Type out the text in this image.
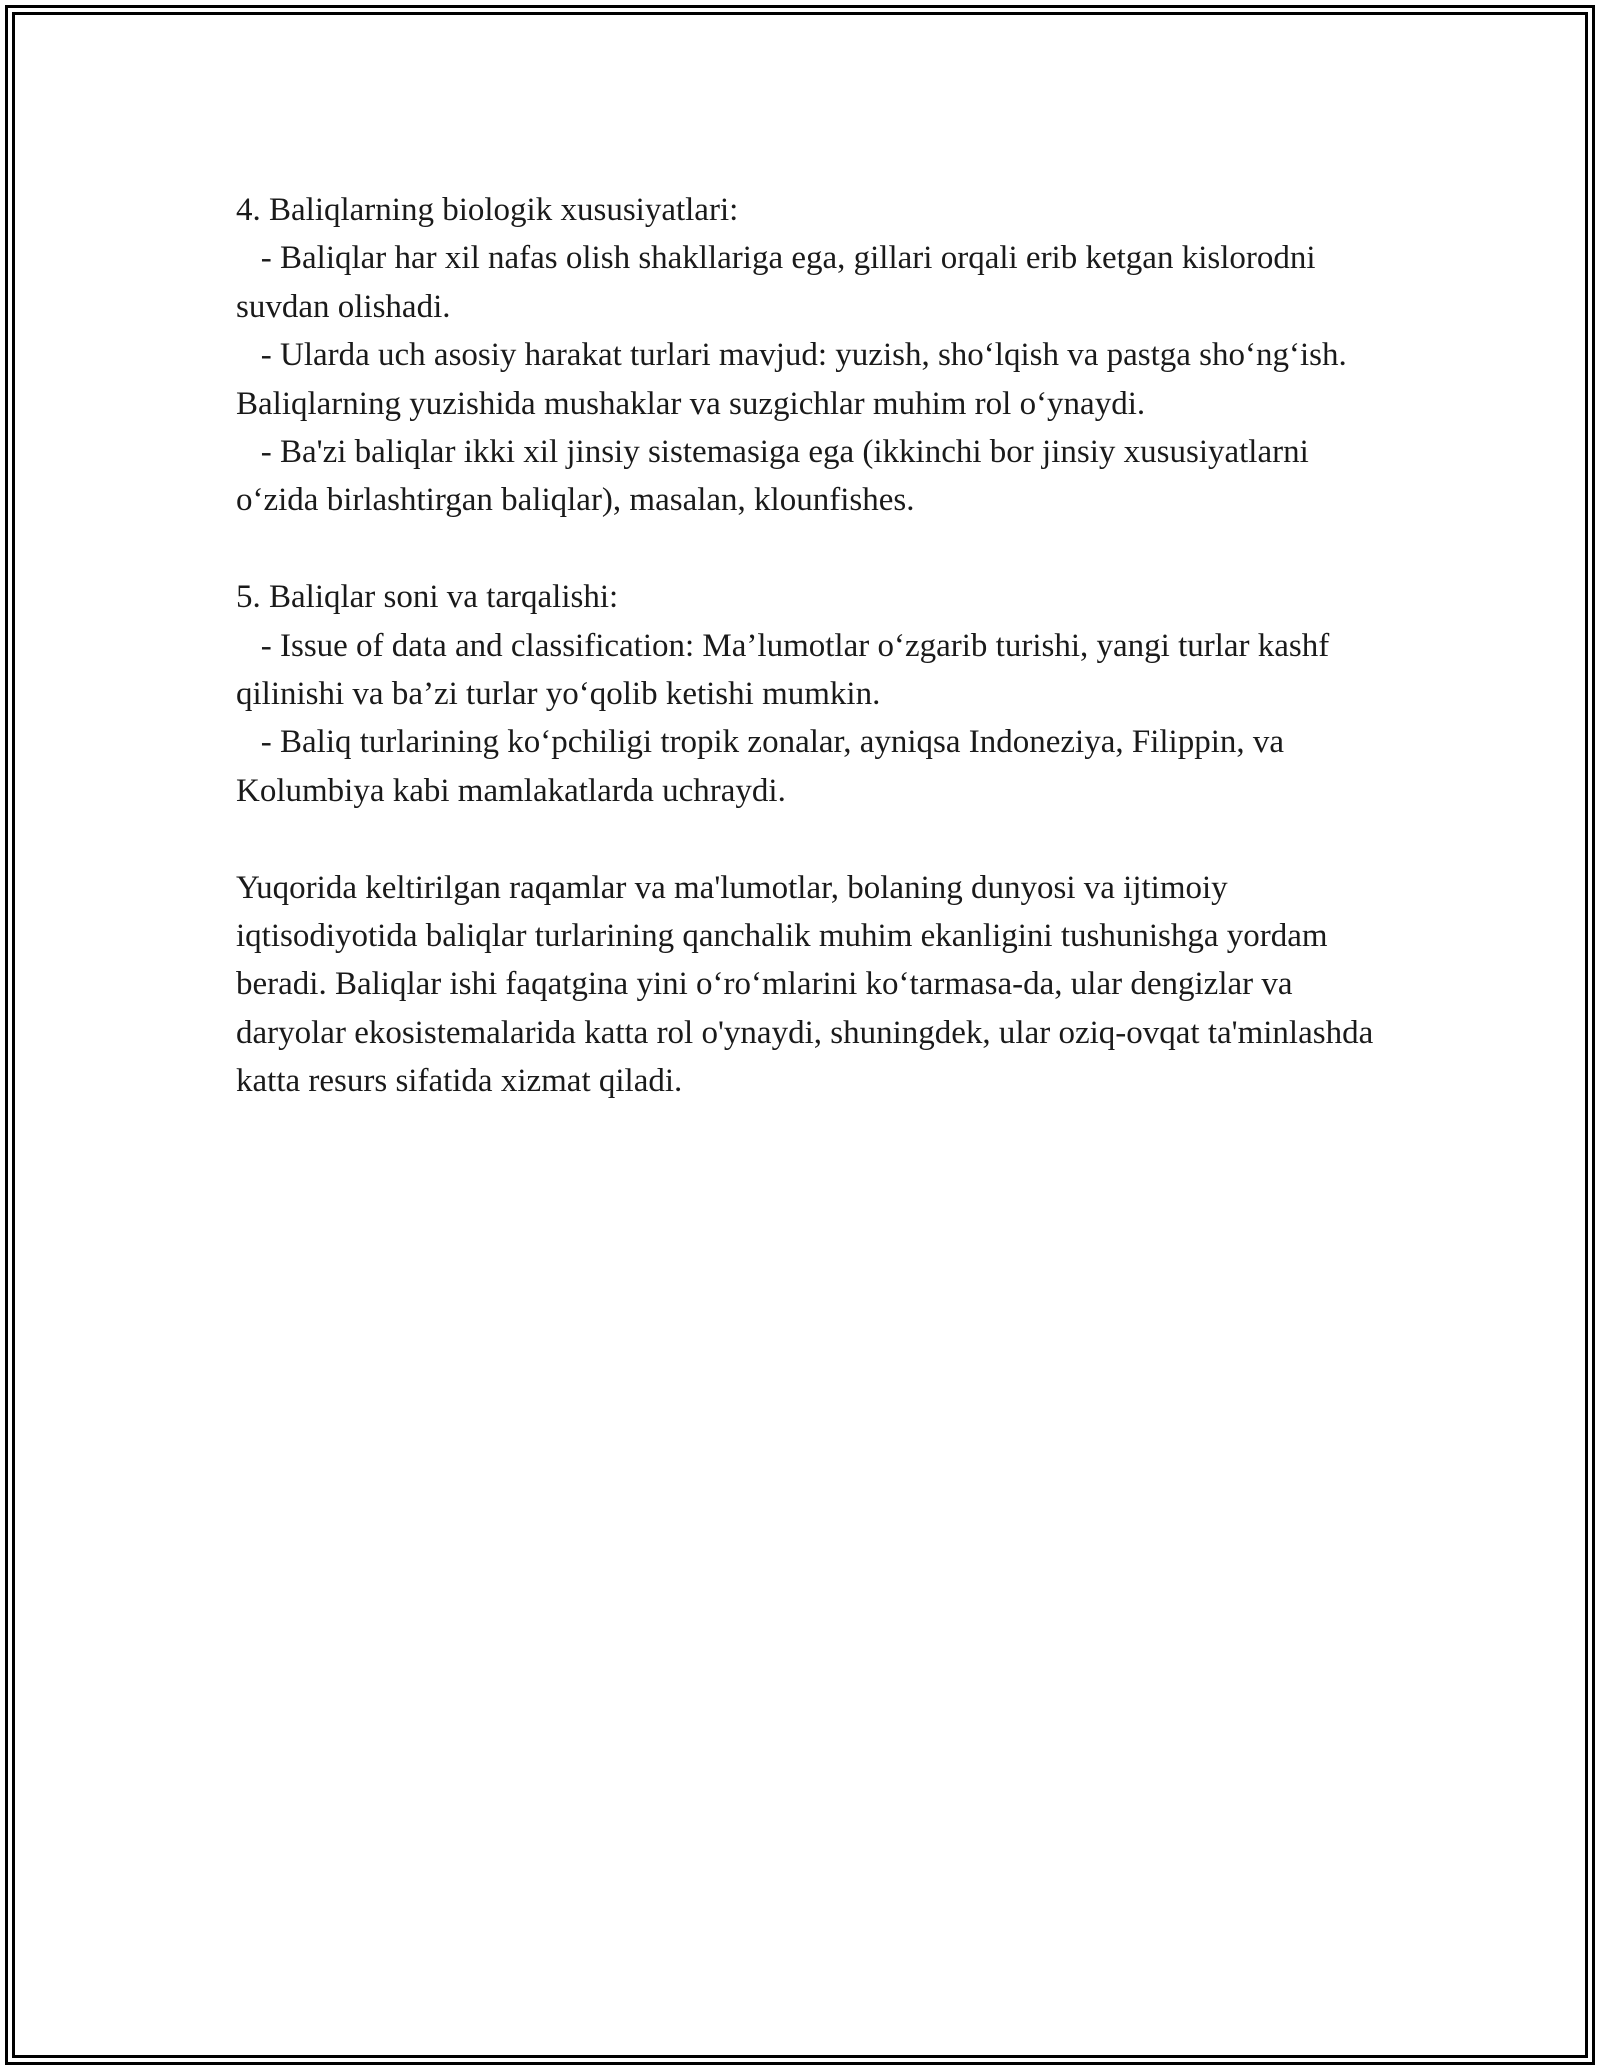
4. Baliqlarning biologik xususiyatlari:

- Baliqlar har xil nafas olish shakllariga ega, gillari orqali erib ketgan kislorodni suvdan olishadi.

- Ularda uch asosiy harakat turlari mavjud: yuzish, sho‘lqish va pastga sho‘ng‘ish. Baliqlarning yuzishida mushaklar va suzgichlar muhim rol o‘ynaydi.

- Ba'zi baliqlar ikki xil jinsiy sistemasiga ega (ikkinchi bor jinsiy xususiyatlarni o‘zida birlashtirgan baliqlar), masalan, klounfishes.

5. Baliqlar soni va tarqalishi:

- Issue of data and classification: Ma’lumotlar o‘zgarib turishi, yangi turlar kashf qilinishi va ba’zi turlar yo‘qolib ketishi mumkin.

- Baliq turlarining ko‘pchiligi tropik zonalar, ayniqsa Indoneziya, Filippin, va Kolumbiya kabi mamlakatlarda uchraydi.

Yuqorida keltirilgan raqamlar va ma'lumotlar, bolaning dunyosi va ijtimoiy iqtisodiyotida baliqlar turlarining qanchalik muhim ekanligini tushunishga yordam beradi. Baliqlar ishi faqatgina yini o‘ro‘mlarini ko‘tarmasa-da, ular dengizlar va daryolar ekosistemalarida katta rol o'ynaydi, shuningdek, ular oziq-ovqat ta'minlashda katta resurs sifatida xizmat qiladi.
